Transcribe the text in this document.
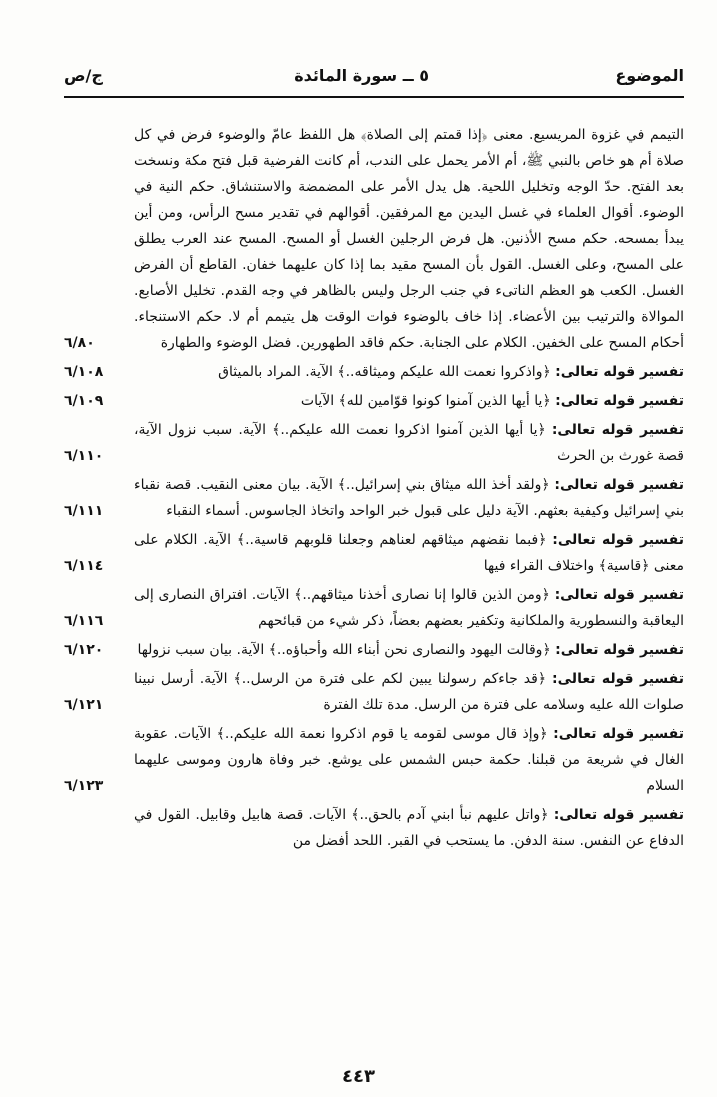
الموضوع
٥ ــ سورة المائدة
ج/ص
التيمم في غزوة المريسيع. معنى ﴿إذا قمتم إلى الصلاة﴾ هل اللفظ عامّ والوضوء فرض في كل صلاة أم هو خاص بالنبي ﷺ، أم الأمر يحمل على الندب، أم كانت الفرضية قبل فتح مكة ونسخت بعد الفتح. حدّ الوجه وتخليل اللحية. هل يدل الأمر على المضمضة والاستنشاق. حكم النية في الوضوء. أقوال العلماء في غسل اليدين مع المرفقين. أقوالهم في تقدير مسح الرأس، ومن أين يبدأ بمسحه. حكم مسح الأذنين. هل فرض الرجلين الغسل أو المسح. المسح عند العرب يطلق على المسح، وعلى الغسل. القول بأن المسح مقيد بما إذا كان عليهما خفان. القاطع أن الفرض الغسل. الكعب هو العظم الناتىء في جنب الرجل وليس بالظاهر في وجه القدم. تخليل الأصابع. الموالاة والترتيب بين الأعضاء. إذا خاف بالوضوء فوات الوقت هل يتيمم أم لا. حكم الاستنجاء. أحكام المسح على الخفين. الكلام على الجنابة. حكم فاقد الطهورين. فضل الوضوء والطهارة
٦/٨٠
تفسير قوله تعالى: ﴿واذكروا نعمت الله عليكم وميثاقه..﴾ الآية. المراد بالميثاق
٦/١٠٨
تفسير قوله تعالى: ﴿يا أيها الذين آمنوا كونوا قوّامين لله﴾ الآيات
٦/١٠٩
تفسير قوله تعالى: ﴿يا أيها الذين آمنوا اذكروا نعمت الله عليكم..﴾ الآية. سبب نزول الآية، قصة غورث بن الحرث
٦/١١٠
تفسير قوله تعالى: ﴿ولقد أخذ الله ميثاق بني إسرائيل..﴾ الآية. بيان معنى النقيب. قصة نقباء بني إسرائيل وكيفية بعثهم. الآية دليل على قبول خبر الواحد واتخاذ الجاسوس. أسماء النقباء
٦/١١١
تفسير قوله تعالى: ﴿فبما نقضهم ميثاقهم لعناهم وجعلنا قلوبهم قاسية..﴾ الآية. الكلام على معنى ﴿قاسية﴾ واختلاف القراء فيها
٦/١١٤
تفسير قوله تعالى: ﴿ومن الذين قالوا إنا نصارى أخذنا ميثاقهم..﴾ الآيات. افتراق النصارى إلى اليعاقبة والنسطورية والملكانية وتكفير بعضهم بعضاً، ذكر شيء من قبائحهم
٦/١١٦
تفسير قوله تعالى: ﴿وقالت اليهود والنصارى نحن أبناء الله وأحباؤه..﴾ الآية. بيان سبب نزولها
٦/١٢٠
تفسير قوله تعالى: ﴿قد جاءكم رسولنا يبين لكم على فترة من الرسل..﴾ الآية. أرسل نبينا صلوات الله عليه وسلامه على فترة من الرسل. مدة تلك الفترة
٦/١٢١
تفسير قوله تعالى: ﴿وإذ قال موسى لقومه يا قوم اذكروا نعمة الله عليكم..﴾ الآيات. عقوبة الغال في شريعة من قبلنا. حكمة حبس الشمس على يوشع. خبر وفاة هارون وموسى عليهما السلام
٦/١٢٣
تفسير قوله تعالى: ﴿واتل عليهم نبأ ابني آدم بالحق..﴾ الآيات. قصة هابيل وقابيل. القول في الدفاع عن النفس. سنة الدفن. ما يستحب في القبر. اللحد أفضل من
٤٤٣
